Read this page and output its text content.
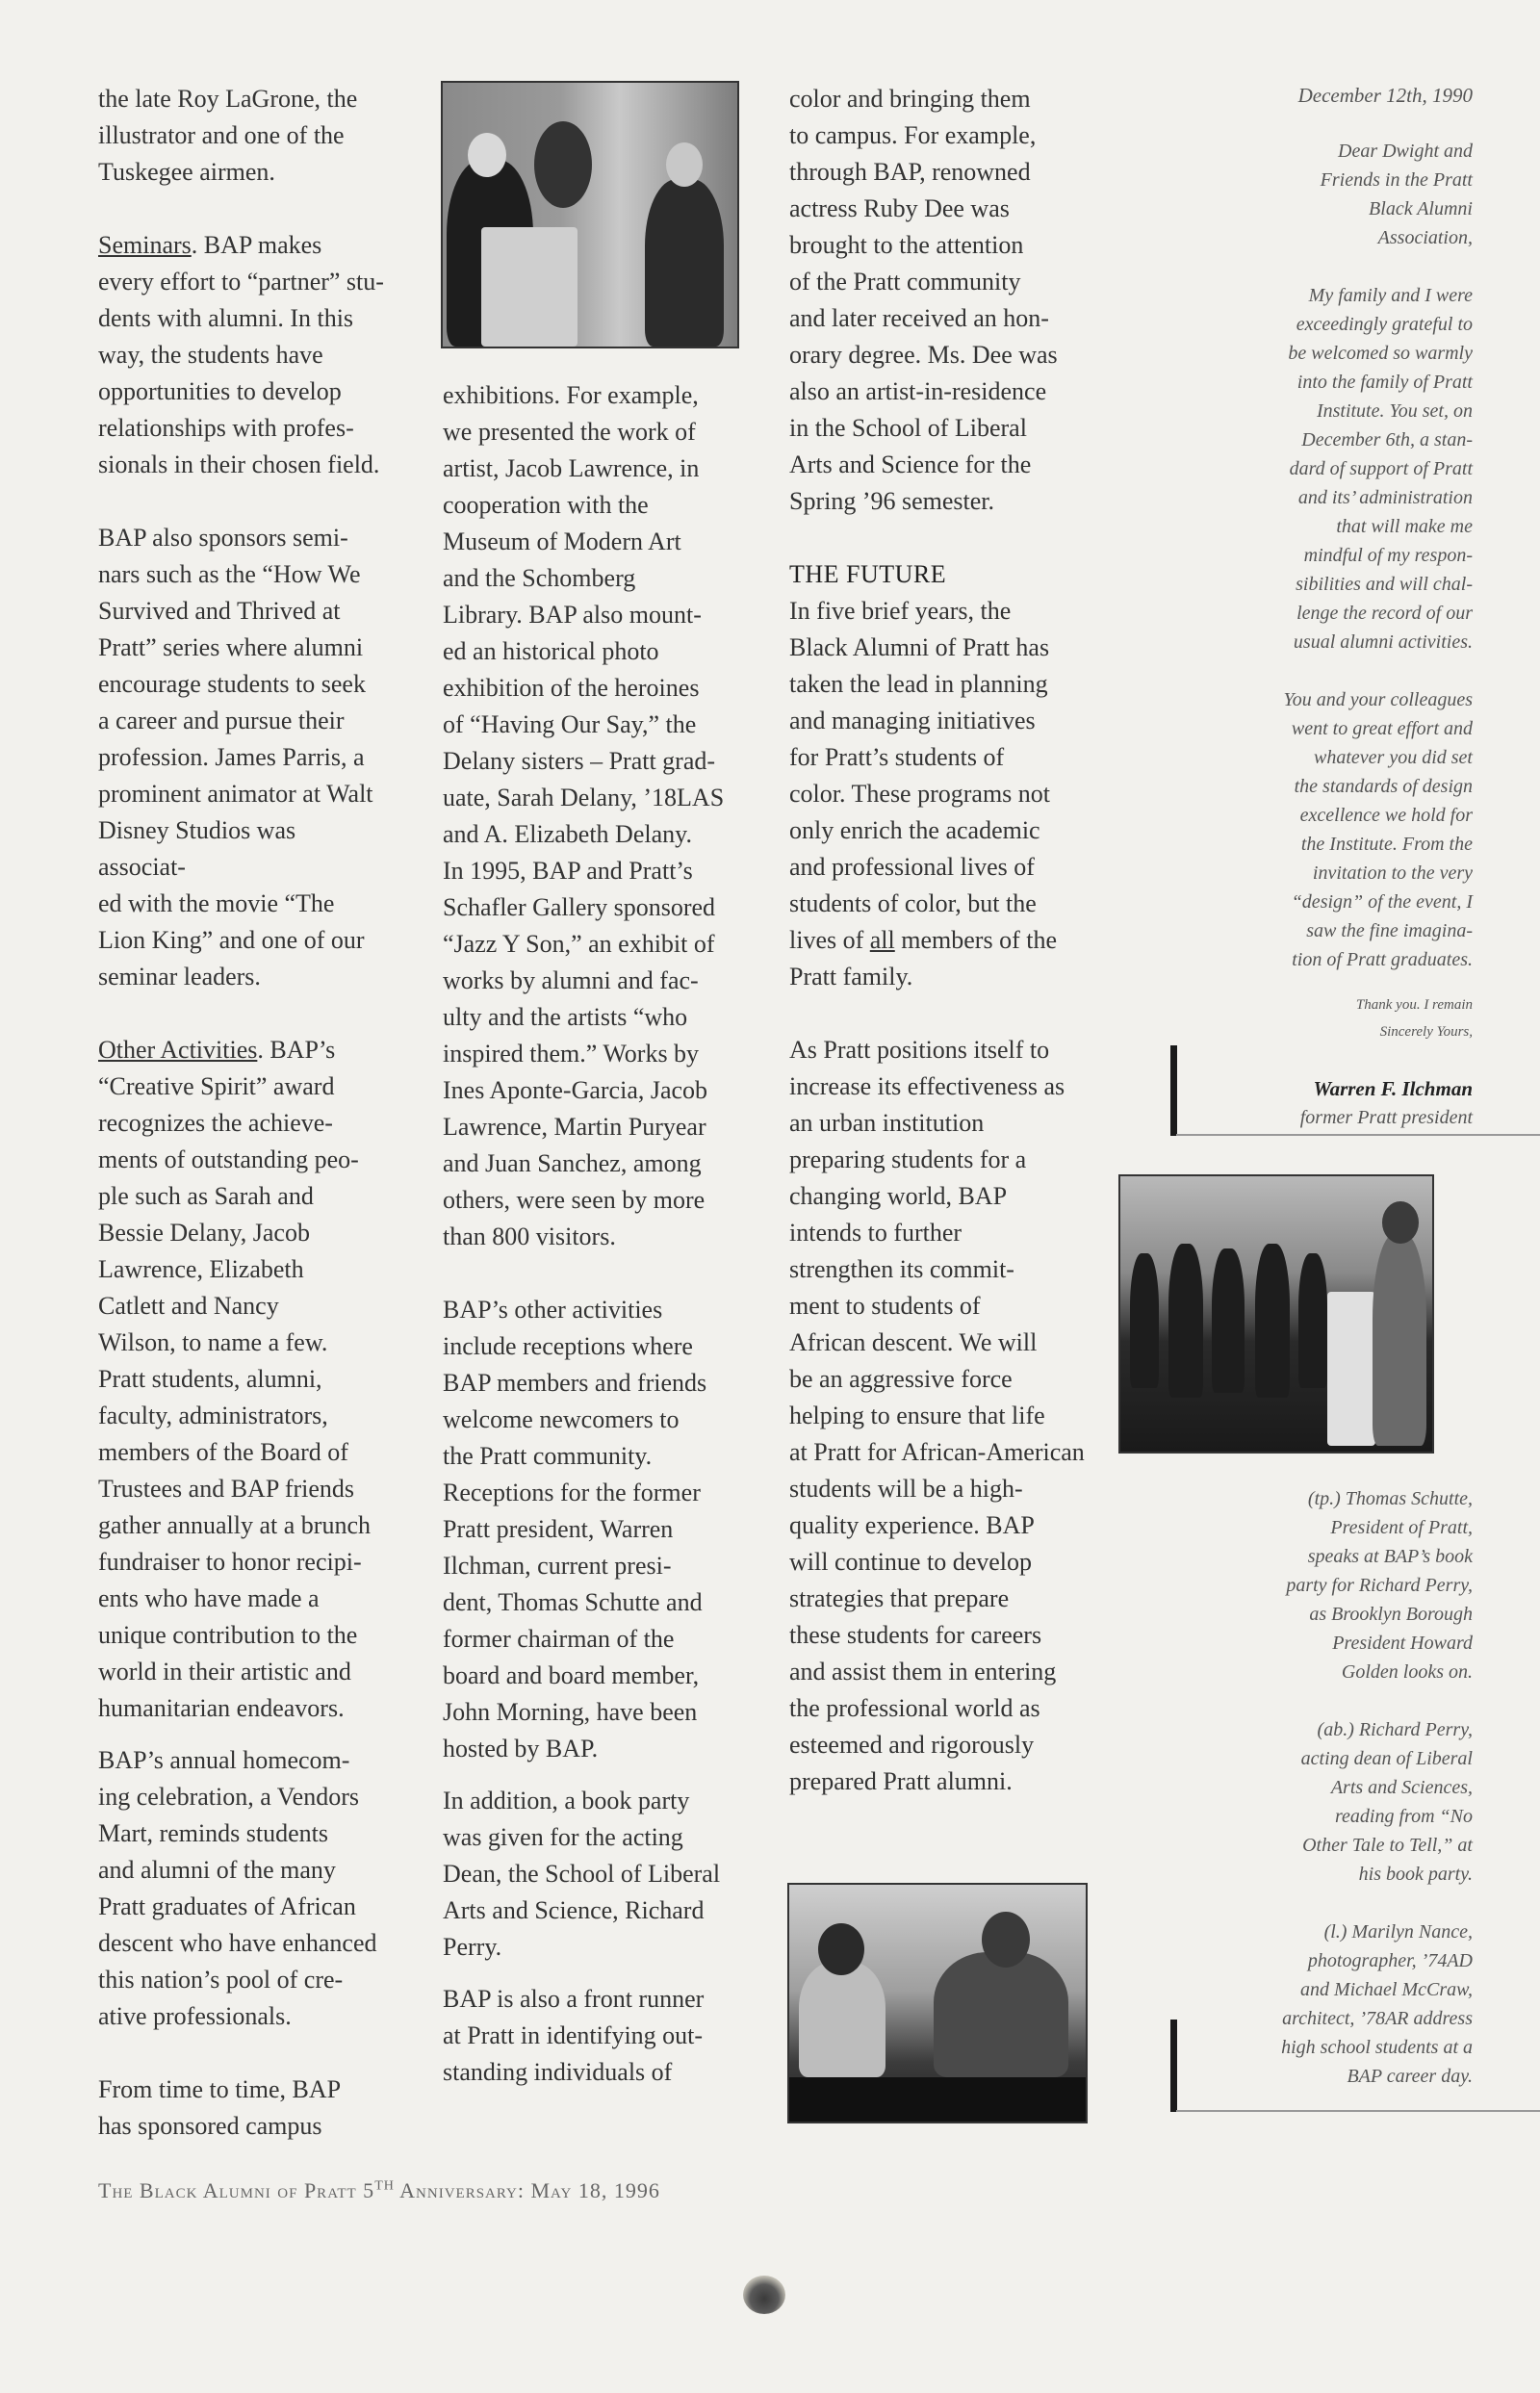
the late Roy LaGrone, the
illustrator and one of the
Tuskegee airmen.

Seminars. BAP makes
every effort to “partner” stu-
dents with alumni. In this
way, the students have
opportunities to develop
relationships with profes-
sionals in their chosen field.

BAP also sponsors semi-
nars such as the “How We
Survived and Thrived at
Pratt” series where alumni
encourage students to seek
a career and pursue their
profession. James Parris, a
prominent animator at Walt
Disney Studios was associat-
ed with the movie “The
Lion King” and one of our
seminar leaders.

Other Activities. BAP’s
“Creative Spirit” award
recognizes the achieve-
ments of outstanding peo-
ple such as Sarah and
Bessie Delany, Jacob
Lawrence, Elizabeth
Catlett and Nancy
Wilson, to name a few.
Pratt students, alumni,
faculty, administrators,
members of the Board of
Trustees and BAP friends
gather annually at a brunch
fundraiser to honor recipi-
ents who have made a
unique contribution to the
world in their artistic and
humanitarian endeavors.

BAP’s annual homecom-
ing celebration, a Vendors
Mart, reminds students
and alumni of the many
Pratt graduates of African
descent who have enhanced
this nation’s pool of cre-
ative professionals.

From time to time, BAP
has sponsored campus

exhibitions. For example,
we presented the work of
artist, Jacob Lawrence, in
cooperation with the
Museum of Modern Art
and the Schomberg
Library. BAP also mount-
ed an historical photo
exhibition of the heroines
of “Having Our Say,” the
Delany sisters – Pratt grad-
uate, Sarah Delany, ’18LAS
and A. Elizabeth Delany.
In 1995, BAP and Pratt’s
Schafler Gallery sponsored
“Jazz Y Son,” an exhibit of
works by alumni and fac-
ulty and the artists “who
inspired them.” Works by
Ines Aponte-Garcia, Jacob
Lawrence, Martin Puryear
and Juan Sanchez, among
others, were seen by more
than 800 visitors.

BAP’s other activities
include receptions where
BAP members and friends
welcome newcomers to
the Pratt community.
Receptions for the former
Pratt president, Warren
Ilchman, current presi-
dent, Thomas Schutte and
former chairman of the
board and board member,
John Morning, have been
hosted by BAP.

In addition, a book party
was given for the acting
Dean, the School of Liberal
Arts and Science, Richard
Perry.

BAP is also a front runner
at Pratt in identifying out-
standing individuals of

color and bringing them
to campus. For example,
through BAP, renowned
actress Ruby Dee was
brought to the attention
of the Pratt community
and later received an hon-
orary degree. Ms. Dee was
also an artist-in-residence
in the School of Liberal
Arts and Science for the
Spring ’96 semester.

THE FUTURE

In five brief years, the
Black Alumni of Pratt has
taken the lead in planning
and managing initiatives
for Pratt’s students of
color. These programs not
only enrich the academic
and professional lives of
students of color, but the
lives of all members of the
Pratt family.

As Pratt positions itself to
increase its effectiveness as
an urban institution
preparing students for a
changing world, BAP
intends to further
strengthen its commit-
ment to students of
African descent. We will
be an aggressive force
helping to ensure that life
at Pratt for African-American
students will be a high-
quality experience. BAP
will continue to develop
strategies that prepare
these students for careers
and assist them in entering
the professional world as
esteemed and rigorously
prepared Pratt alumni.

December 12th, 1990

Dear Dwight and
Friends in the Pratt
Black Alumni
Association,

My family and I were
exceedingly grateful to
be welcomed so warmly
into the family of Pratt
Institute. You set, on
December 6th, a stan-
dard of support of Pratt
and its’ administration
that will make me
mindful of my respon-
sibilities and will chal-
lenge the record of our
usual alumni activities.

You and your colleagues
went to great effort and
whatever you did set
the standards of design
excellence we hold for
the Institute. From the
invitation to the very
“design” of the event, I
saw the fine imagina-
tion of Pratt graduates.

Thank you. I remain
Sincerely Yours,
Warren F. Ilchman
former Pratt president

(tp.) Thomas Schutte,
President of Pratt,
speaks at BAP’s book
party for Richard Perry,
as Brooklyn Borough
President Howard
Golden looks on.

(ab.) Richard Perry,
acting dean of Liberal
Arts and Sciences,
reading from “No
Other Tale to Tell,” at
his book party.

(l.) Marilyn Nance,
photographer, ’74AD
and Michael McCraw,
architect, ’78AR address
high school students at a
BAP career day.

The Black Alumni of Pratt 5TH Anniversary: May 18, 1996
